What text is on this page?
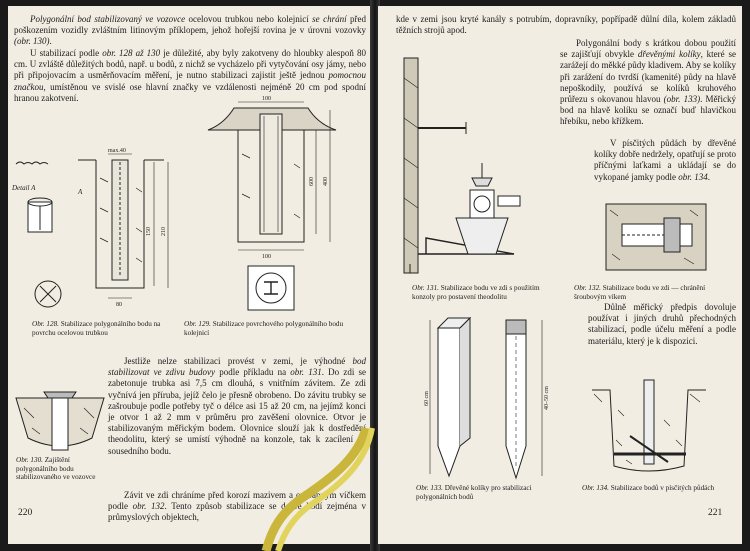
Polygonální bod stabilizovaný ve vozovce ocelovou trubkou nebo kolejnicí se chrání před poškozením vozidly zvláštním litinovým příklopem, jehož hořejší rovina je v úrovni vozovky (obr. 130).

U stabilizací podle obr. 128 až 130 je důležité, aby byly zakotveny do hloubky alespoň 80 cm. U zvláště důležitých bodů, např. u bodů, z nichž se vycházelo při vytyčování osy jámy, nebo při připojovacím a usměrňovacím měření, je nutno stabilizaci zajistit ještě jednou pomocnou značkou, umístěnou ve svislé ose hlavní značky ve vzdálenosti nejméně 20 cm pod spodní hranou zakotvení.

Detail A	A
max.40
150 210
80
100
600 400
100
Obr. 128. Stabilizace polygonálního bodu na povrchu ocelovou trubkou
Obr. 129. Stabilizace povrchového polygonálního bodu kolejnicí
Obr. 130. Zajištění polygonálního bodu stabilizovaného ve vozovce

Jestliže nelze stabilizaci provést v zemi, je výhodné bod stabilizovat ve zdivu budovy podle příkladu na obr. 131. Do zdi se zabetonuje trubka asi 7,5 cm dlouhá, s vnitřním závitem. Ze zdi vyčnívá jen příruba, jejíž čelo je přesně obrobeno. Do závitu trubky se zašroubuje podle potřeby tyč o délce asi 15 až 20 cm, na jejímž konci je otvor 1 až 2 mm v průměru pro zavěšení olovnice. Otvor je stabilizovaným měřickým bodem. Olovnice slouží jak k dostředění theodolitu, který se umístí výhodně na konzole, tak k zacílení ze sousedního bodu.

Závit ve zdi chráníme před korozí mazivem a ochranným víčkem podle obr. 132. Tento způsob stabilizace se dobře hodí zejména v průmyslových objektech,

220

kde v zemi jsou kryté kanály s potrubím, dopravníky, popřípadě důlní díla, kolem základů těžních strojů apod.

Polygonální body s krátkou dobou použití se zajišťují obvykle dřevěnými kolíky, které se zarážejí do měkké půdy kladivem. Aby se kolíky při zarážení do tvrdší (kamenité) půdy na hlavě nepoškodily, používá se kolíků kruhového průřezu s okovanou hlavou (obr. 133). Měřický bod na hlavě kolíku se označí buď hlavičkou hřebíku, nebo křížkem.

V písčitých půdách by dřevěné kolíky dobře nedržely, opatřují se proto příčnými laťkami a ukládají se do vykopané jamky podle obr. 134.

Obr. 131. Stabilizace bodu ve zdi s použitím konzoly pro postavení theodolitu
Obr. 132. Stabilizace bodu ve zdi — chránění šroubovým víkem

Důlně měřický předpis dovoluje používat i jiných druhů přechodných stabilizací, podle účelu měření a podle materiálu, který je k dispozici.

60 cm	40–50 cm
Obr. 133. Dřevěné kolíky pro stabilizaci polygonálních bodů
Obr. 134. Stabilizace bodů v písčitých půdách
221
